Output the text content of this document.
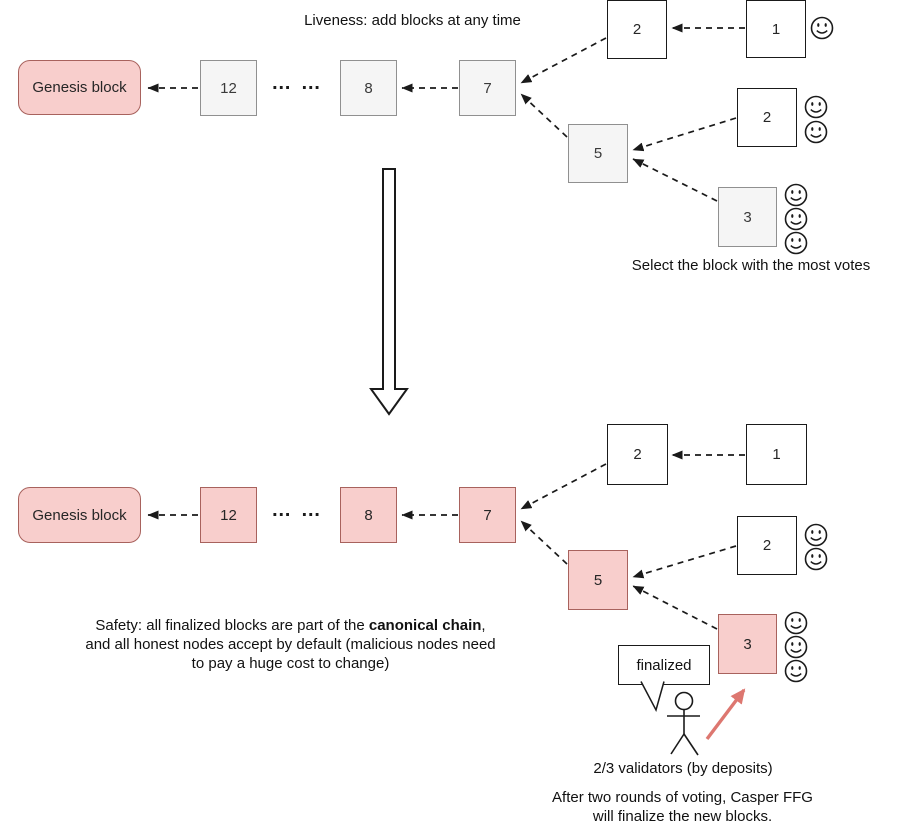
Liveness: add blocks at any time
Genesis block	12	… …	8	7
2	1
5
2
3
Select the block with the most votes
Genesis block	12	… …	8	7
2	1
5
2
3
Safety: all finalized blocks are part of the canonical chain,
and all honest nodes accept by default (malicious nodes need
to pay a huge cost to change)	finalized
2/3 validators (by deposits)
After two rounds of voting, Casper FFG
will finalize the new blocks.
